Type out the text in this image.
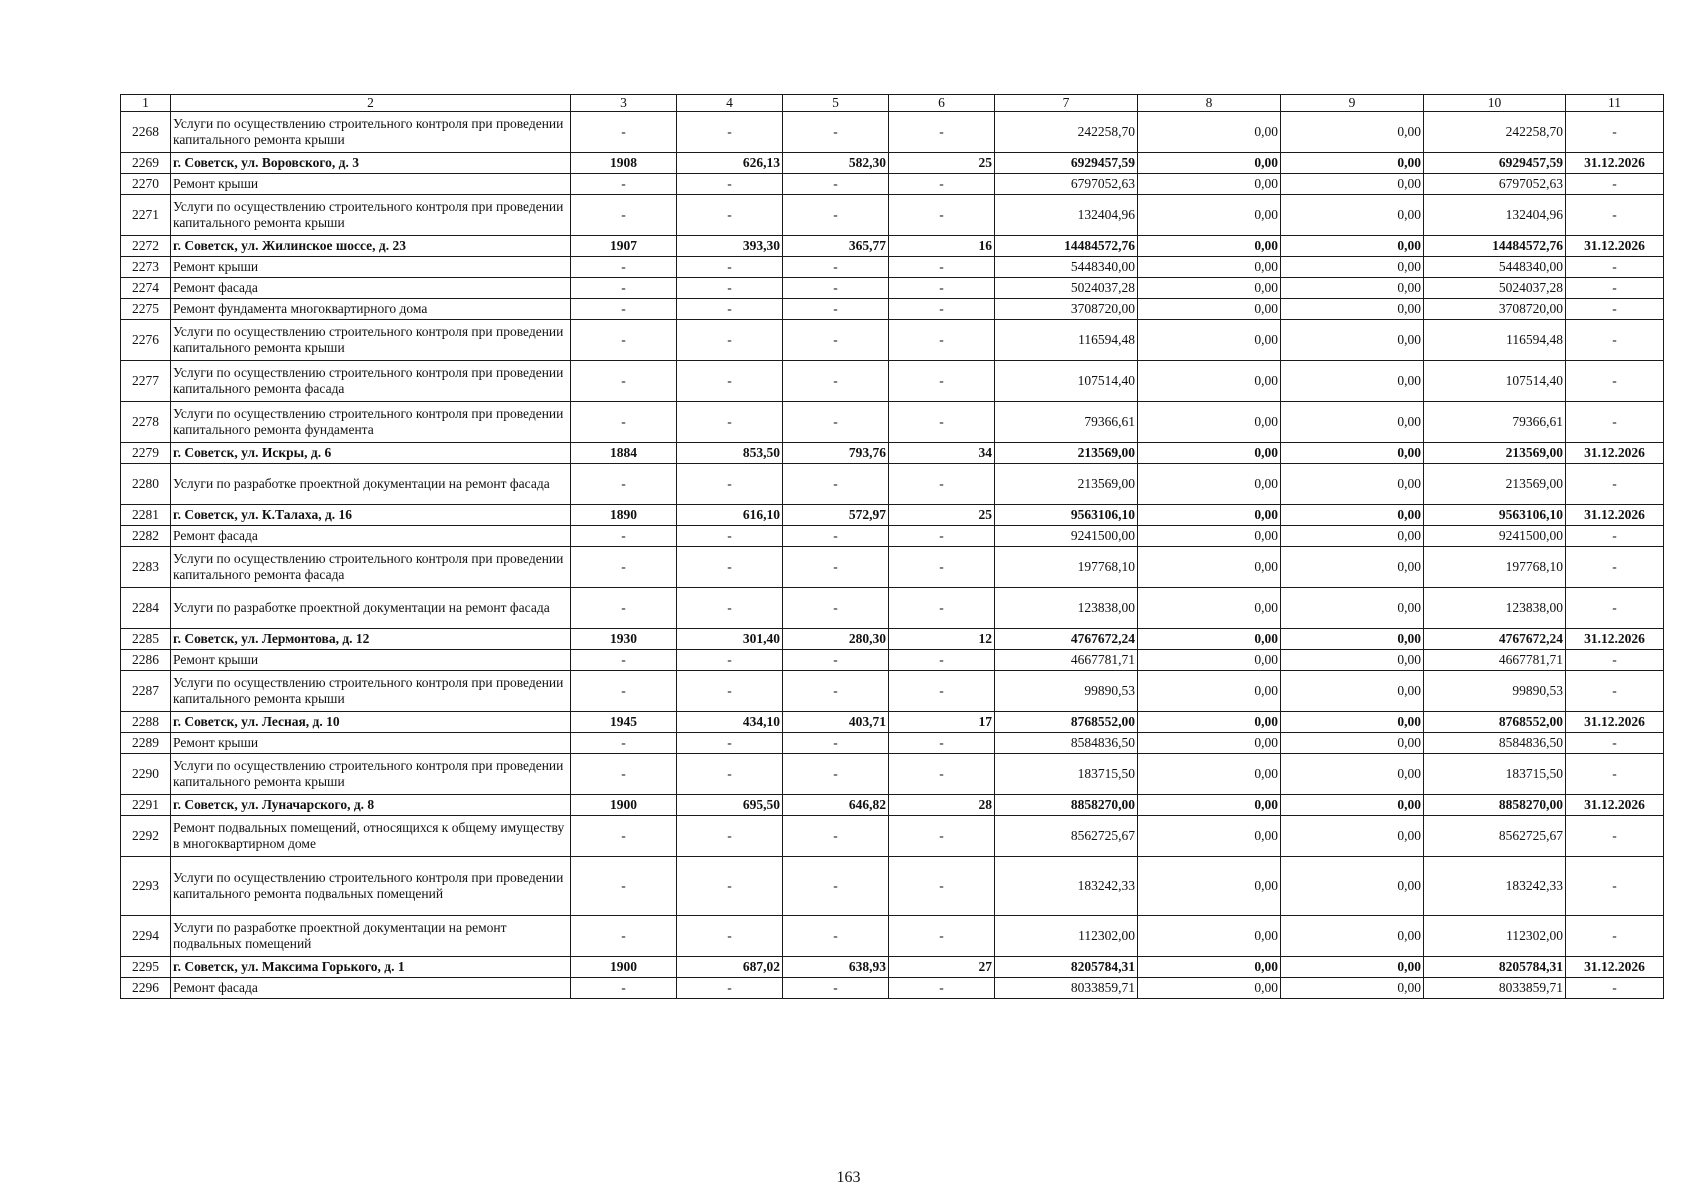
1	2	3	4	5	6	7	8	9	10	11
2268	Услуги по осуществлению строительного контроля при проведении капитального ремонта крыши	-	-	-	-	242258,70	0,00	0,00	242258,70	-
2269	г. Советск, ул. Воровского, д. 3	1908	626,13	582,30	25	6929457,59	0,00	0,00	6929457,59	31.12.2026
2270	Ремонт крыши	-	-	-	-	6797052,63	0,00	0,00	6797052,63	-
2271	Услуги по осуществлению строительного контроля при проведении капитального ремонта крыши	-	-	-	-	132404,96	0,00	0,00	132404,96	-
2272	г. Советск, ул. Жилинское шоссе, д. 23	1907	393,30	365,77	16	14484572,76	0,00	0,00	14484572,76	31.12.2026
2273	Ремонт крыши	-	-	-	-	5448340,00	0,00	0,00	5448340,00	-
2274	Ремонт фасада	-	-	-	-	5024037,28	0,00	0,00	5024037,28	-
2275	Ремонт фундамента многоквартирного дома	-	-	-	-	3708720,00	0,00	0,00	3708720,00	-
2276	Услуги по осуществлению строительного контроля при проведении капитального ремонта крыши	-	-	-	-	116594,48	0,00	0,00	116594,48	-
2277	Услуги по осуществлению строительного контроля при проведении капитального ремонта фасада	-	-	-	-	107514,40	0,00	0,00	107514,40	-
2278	Услуги по осуществлению строительного контроля при проведении капитального ремонта фундамента	-	-	-	-	79366,61	0,00	0,00	79366,61	-
2279	г. Советск, ул. Искры, д. 6	1884	853,50	793,76	34	213569,00	0,00	0,00	213569,00	31.12.2026
2280	Услуги по разработке проектной документации на ремонт фасада	-	-	-	-	213569,00	0,00	0,00	213569,00	-
2281	г. Советск, ул. К.Талаха, д. 16	1890	616,10	572,97	25	9563106,10	0,00	0,00	9563106,10	31.12.2026
2282	Ремонт фасада	-	-	-	-	9241500,00	0,00	0,00	9241500,00	-
2283	Услуги по осуществлению строительного контроля при проведении капитального ремонта фасада	-	-	-	-	197768,10	0,00	0,00	197768,10	-
2284	Услуги по разработке проектной документации на ремонт фасада	-	-	-	-	123838,00	0,00	0,00	123838,00	-
2285	г. Советск, ул. Лермонтова, д. 12	1930	301,40	280,30	12	4767672,24	0,00	0,00	4767672,24	31.12.2026
2286	Ремонт крыши	-	-	-	-	4667781,71	0,00	0,00	4667781,71	-
2287	Услуги по осуществлению строительного контроля при проведении капитального ремонта крыши	-	-	-	-	99890,53	0,00	0,00	99890,53	-
2288	г. Советск, ул. Лесная, д. 10	1945	434,10	403,71	17	8768552,00	0,00	0,00	8768552,00	31.12.2026
2289	Ремонт крыши	-	-	-	-	8584836,50	0,00	0,00	8584836,50	-
2290	Услуги по осуществлению строительного контроля при проведении капитального ремонта крыши	-	-	-	-	183715,50	0,00	0,00	183715,50	-
2291	г. Советск, ул. Луначарского, д. 8	1900	695,50	646,82	28	8858270,00	0,00	0,00	8858270,00	31.12.2026
2292	Ремонт подвальных помещений, относящихся к общему имуществу в многоквартирном доме	-	-	-	-	8562725,67	0,00	0,00	8562725,67	-
2293	Услуги по осуществлению строительного контроля при проведении капитального ремонта подвальных помещений	-	-	-	-	183242,33	0,00	0,00	183242,33	-
2294	Услуги по разработке проектной документации на ремонт подвальных помещений	-	-	-	-	112302,00	0,00	0,00	112302,00	-
2295	г. Советск, ул. Максима Горького, д. 1	1900	687,02	638,93	27	8205784,31	0,00	0,00	8205784,31	31.12.2026
2296	Ремонт фасада	-	-	-	-	8033859,71	0,00	0,00	8033859,71	-
163
